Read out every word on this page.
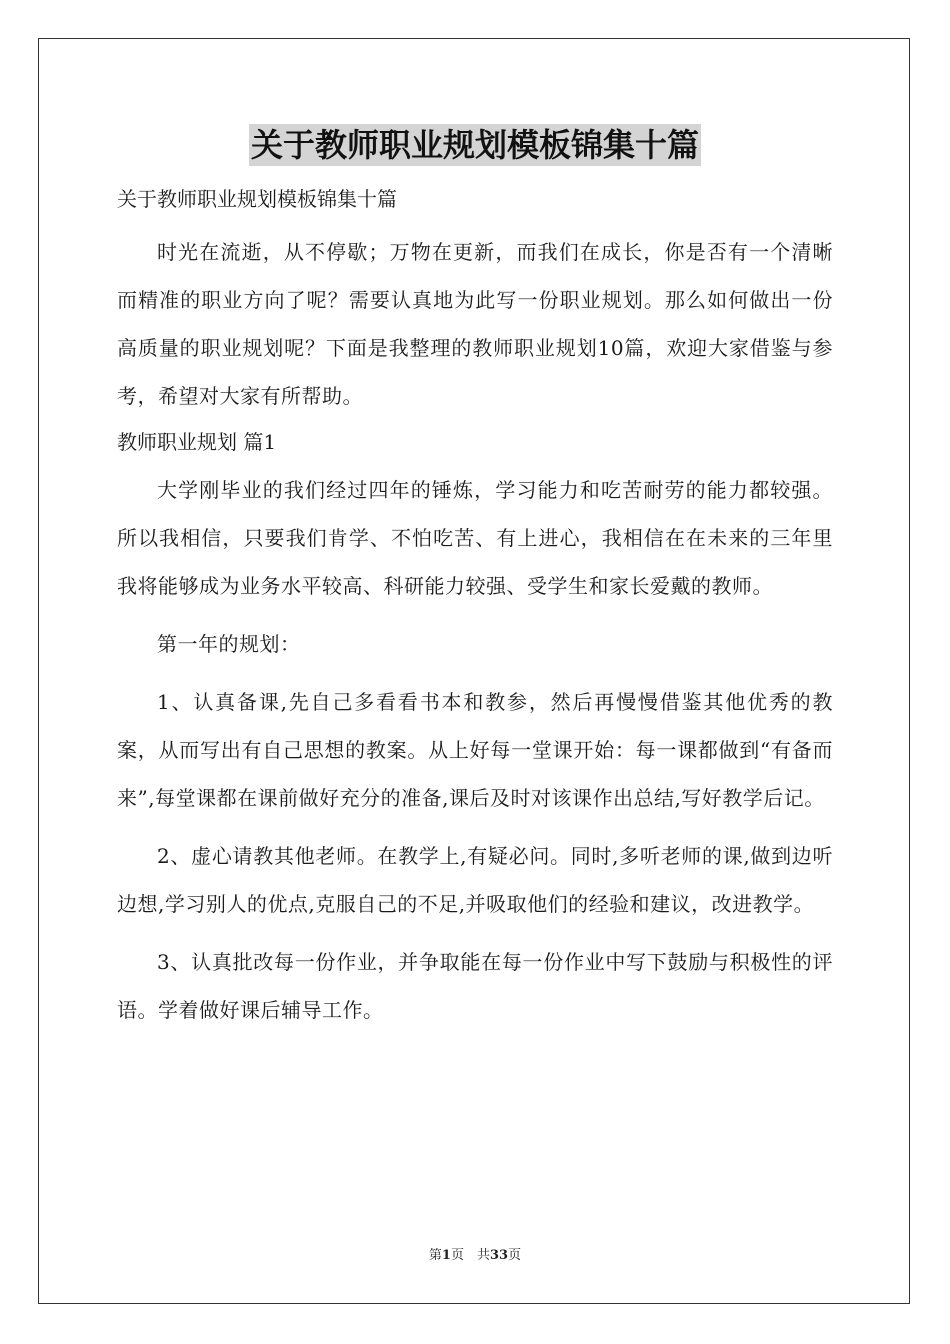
关于教师职业规划模板锦集十篇

关于教师职业规划模板锦集十篇

时光在流逝，从不停歇；万物在更新，而我们在成长，你是否有一个清晰而精准的职业方向了呢？需要认真地为此写一份职业规划。那么如何做出一份高质量的职业规划呢？下面是我整理的教师职业规划10篇，欢迎大家借鉴与参考，希望对大家有所帮助。

教师职业规划 篇1

大学刚毕业的我们经过四年的锤炼，学习能力和吃苦耐劳的能力都较强。所以我相信，只要我们肯学、不怕吃苦、有上进心，我相信在在未来的三年里我将能够成为业务水平较高、科研能力较强、受学生和家长爱戴的教师。

第一年的规划：

1、认真备课,先自己多看看书本和教参，然后再慢慢借鉴其他优秀的教案，从而写出有自己思想的教案。从上好每一堂课开始：每一课都做到“有备而来”,每堂课都在课前做好充分的准备,课后及时对该课作出总结,写好教学后记。

2、虚心请教其他老师。在教学上,有疑必问。同时,多听老师的课,做到边听边想,学习别人的优点,克服自己的不足,并吸取他们的经验和建议，改进教学。

3、认真批改每一份作业，并争取能在每一份作业中写下鼓励与积极性的评语。学着做好课后辅导工作。

第1页　共33页
